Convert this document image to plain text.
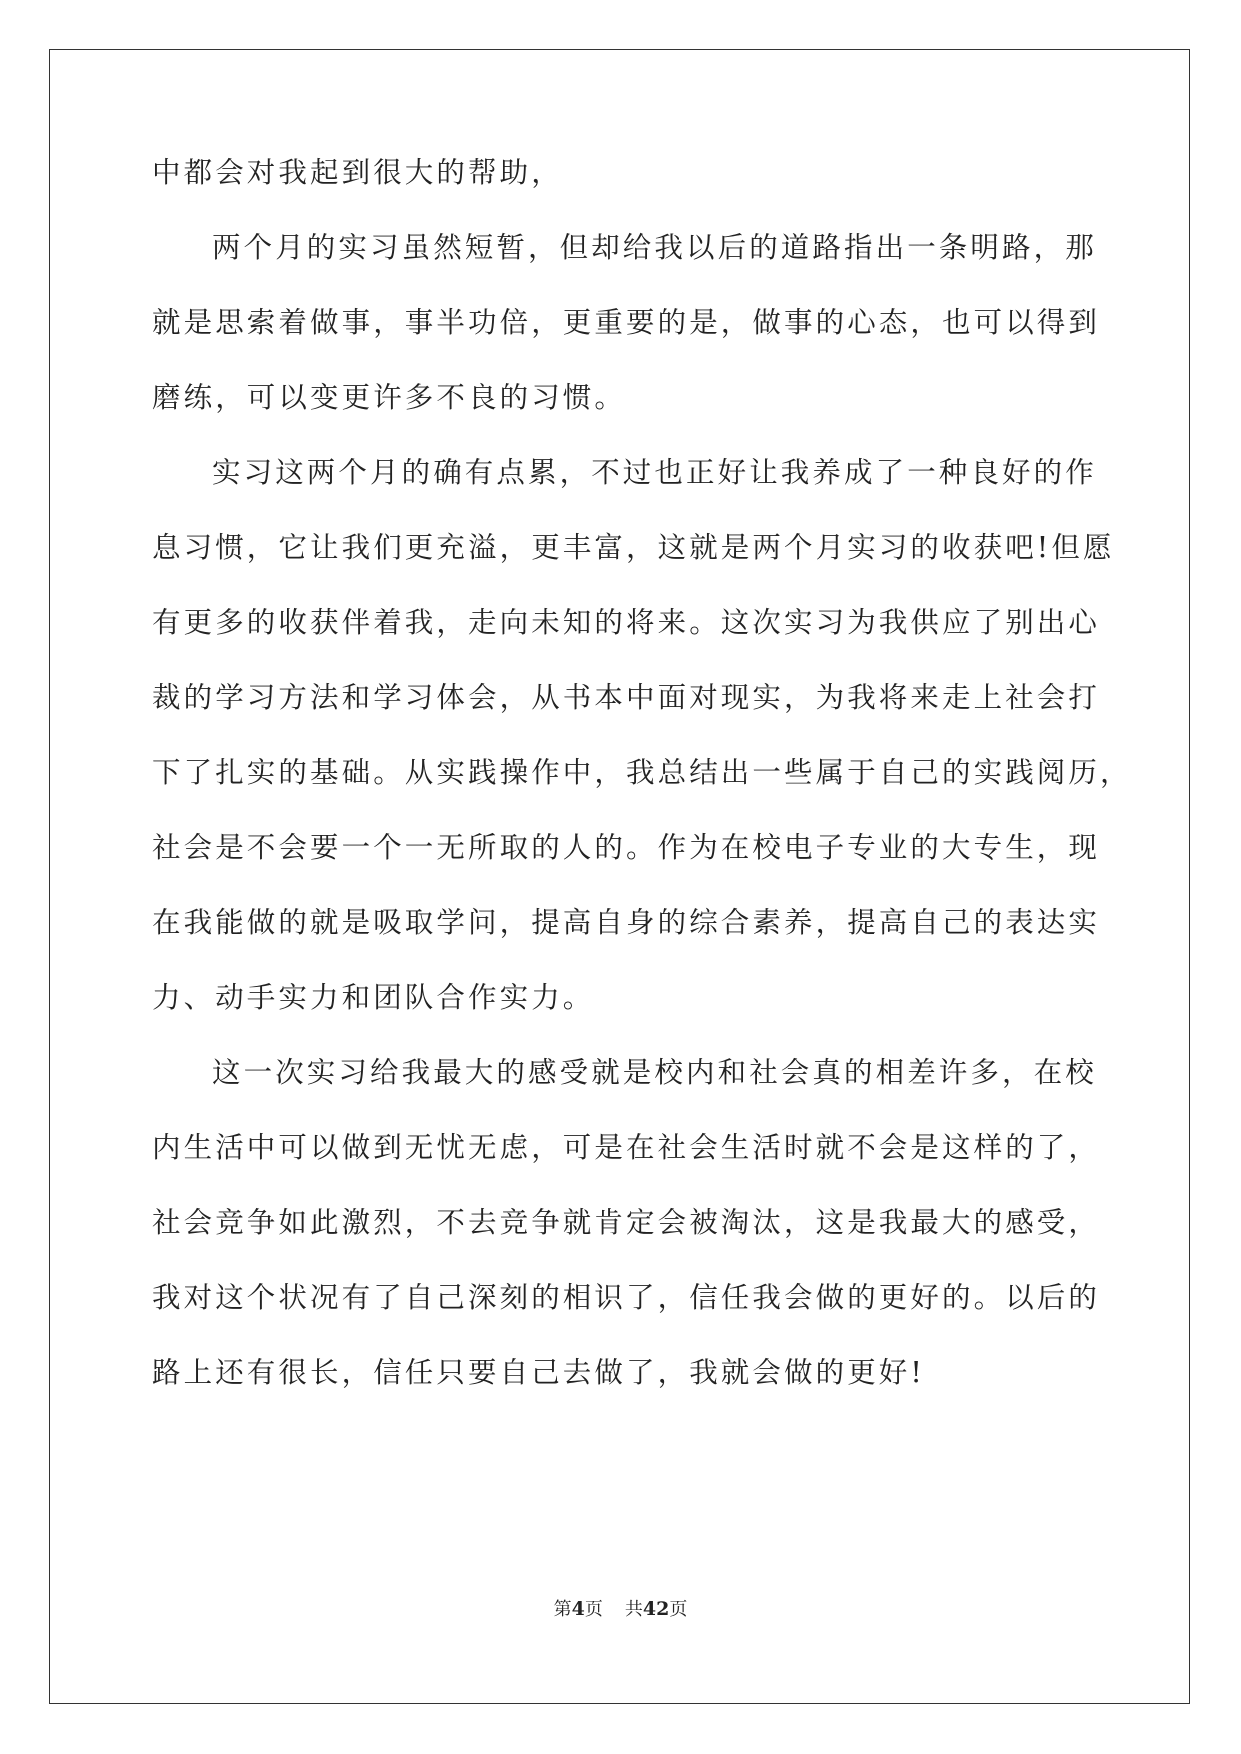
中都会对我起到很大的帮助，
两个月的实习虽然短暂，但却给我以后的道路指出一条明路，那
就是思索着做事，事半功倍，更重要的是，做事的心态，也可以得到
磨练，可以变更许多不良的习惯。
实习这两个月的确有点累，不过也正好让我养成了一种良好的作
息习惯，它让我们更充溢，更丰富，这就是两个月实习的收获吧!但愿
有更多的收获伴着我，走向未知的将来。这次实习为我供应了别出心
裁的学习方法和学习体会，从书本中面对现实，为我将来走上社会打
下了扎实的基础。从实践操作中，我总结出一些属于自己的实践阅历，
社会是不会要一个一无所取的人的。作为在校电子专业的大专生，现
在我能做的就是吸取学问，提高自身的综合素养，提高自己的表达实
力、动手实力和团队合作实力。
这一次实习给我最大的感受就是校内和社会真的相差许多，在校
内生活中可以做到无忧无虑，可是在社会生活时就不会是这样的了，
社会竞争如此激烈，不去竞争就肯定会被淘汰，这是我最大的感受，
我对这个状况有了自己深刻的相识了，信任我会做的更好的。以后的
路上还有很长，信任只要自己去做了，我就会做的更好!
第4页 共42页
